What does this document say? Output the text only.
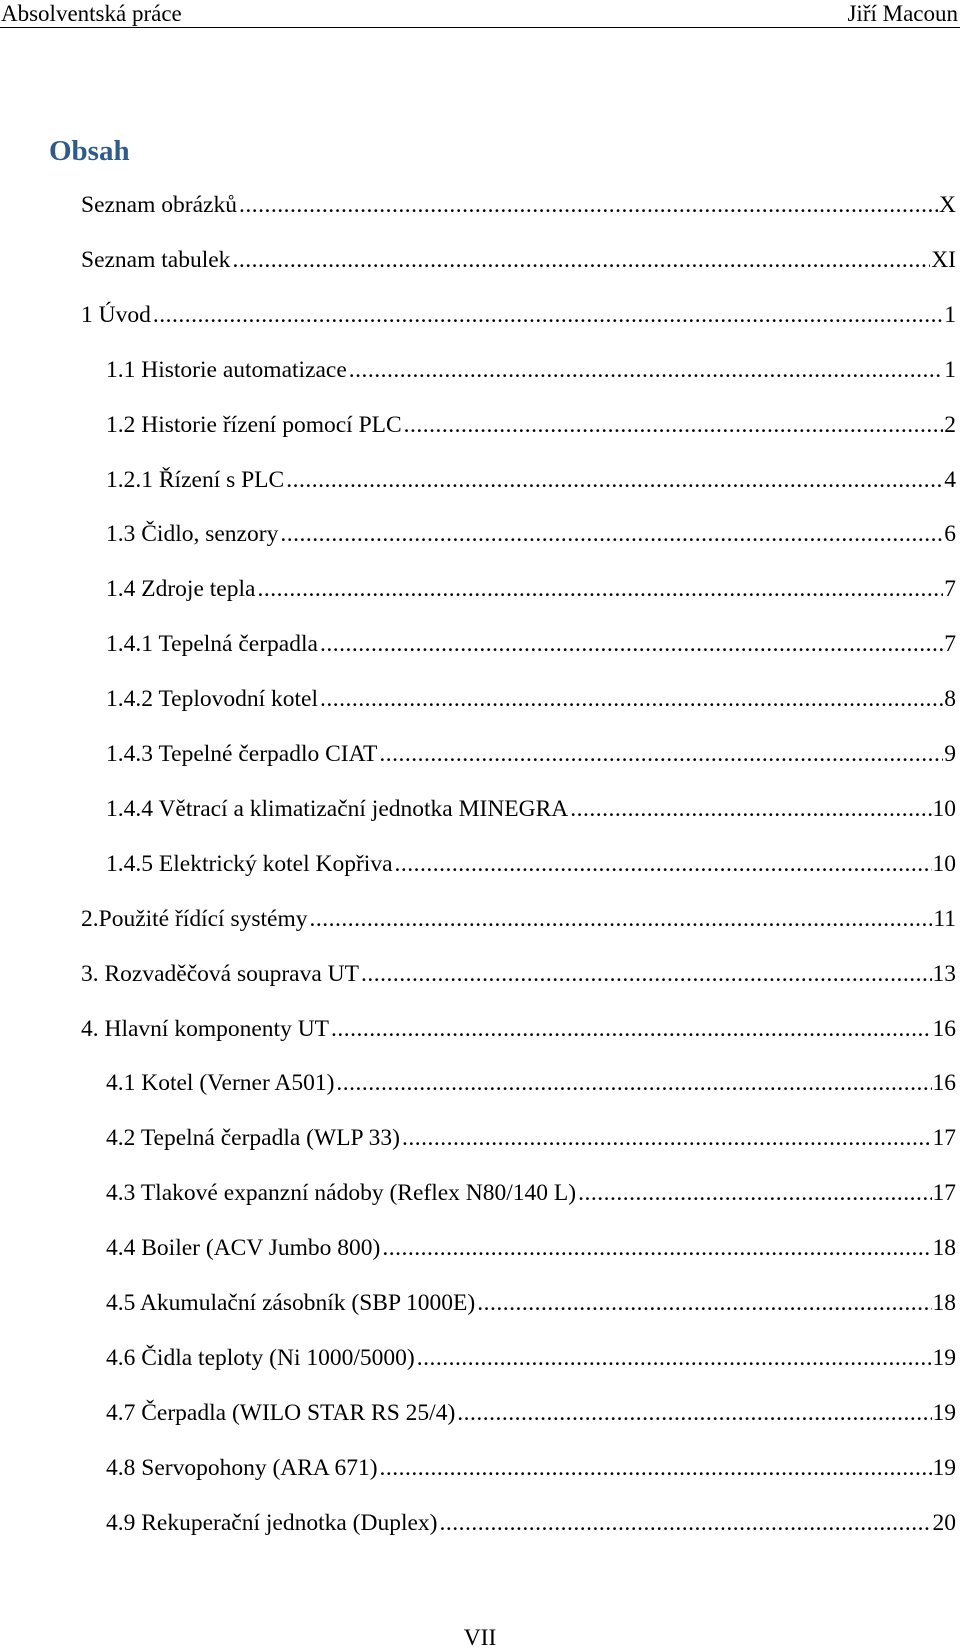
Absolventská práce	Jiří Macoun
Obsah
Seznam obrázků .....	X
Seznam tabulek .....	XI
1 Úvod .....	1
1.1 Historie automatizace .....	1
1.2 Historie řízení pomocí PLC .....	2
1.2.1 Řízení s PLC .....	4
1.3 Čidlo, senzory .....	6
1.4 Zdroje tepla .....	7
1.4.1 Tepelná čerpadla .....	7
1.4.2 Teplovodní kotel .....	8
1.4.3 Tepelné čerpadlo CIAT .....	9
1.4.4 Větrací a klimatizační jednotka MINEGRA .....	10
1.4.5 Elektrický kotel Kopřiva .....	10
2.Použité řídící systémy .....	11
3. Rozvaděčová souprava UT .....	13
4. Hlavní komponenty UT .....	16
4.1 Kotel (Verner A501) .....	16
4.2 Tepelná čerpadla (WLP 33) .....	17
4.3 Tlakové expanzní nádoby (Reflex N80/140 L) .....	17
4.4 Boiler (ACV Jumbo 800) .....	18
4.5 Akumulační zásobník (SBP 1000E) .....	18
4.6 Čidla teploty (Ni 1000/5000) .....	19
4.7 Čerpadla (WILO STAR RS 25/4) .....	19
4.8 Servopohony (ARA 671) .....	19
4.9 Rekuperační jednotka (Duplex) .....	20
VII
